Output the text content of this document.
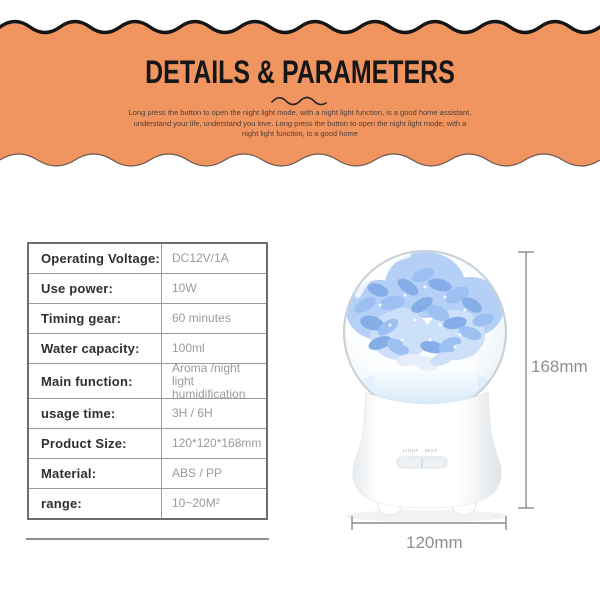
DETAILS & PARAMETERS
Long press the button to open the night light mode, with a night light function, is a good home assistant, understand your life, understand you love. Long press the button to open the night light mode, with a night light function, is a good home
Operating Voltage:	DC12V/1A
Use power:	10W
Timing gear:	60 minutes
Water capacity:	100ml
Main function:
Aroma /night light humidification
usage time:	3H / 6H
Product Size:	120*120*168mm
Material:	ABS / PP
range:	10~20M²
LIGHT MIST
168mm
120mm
